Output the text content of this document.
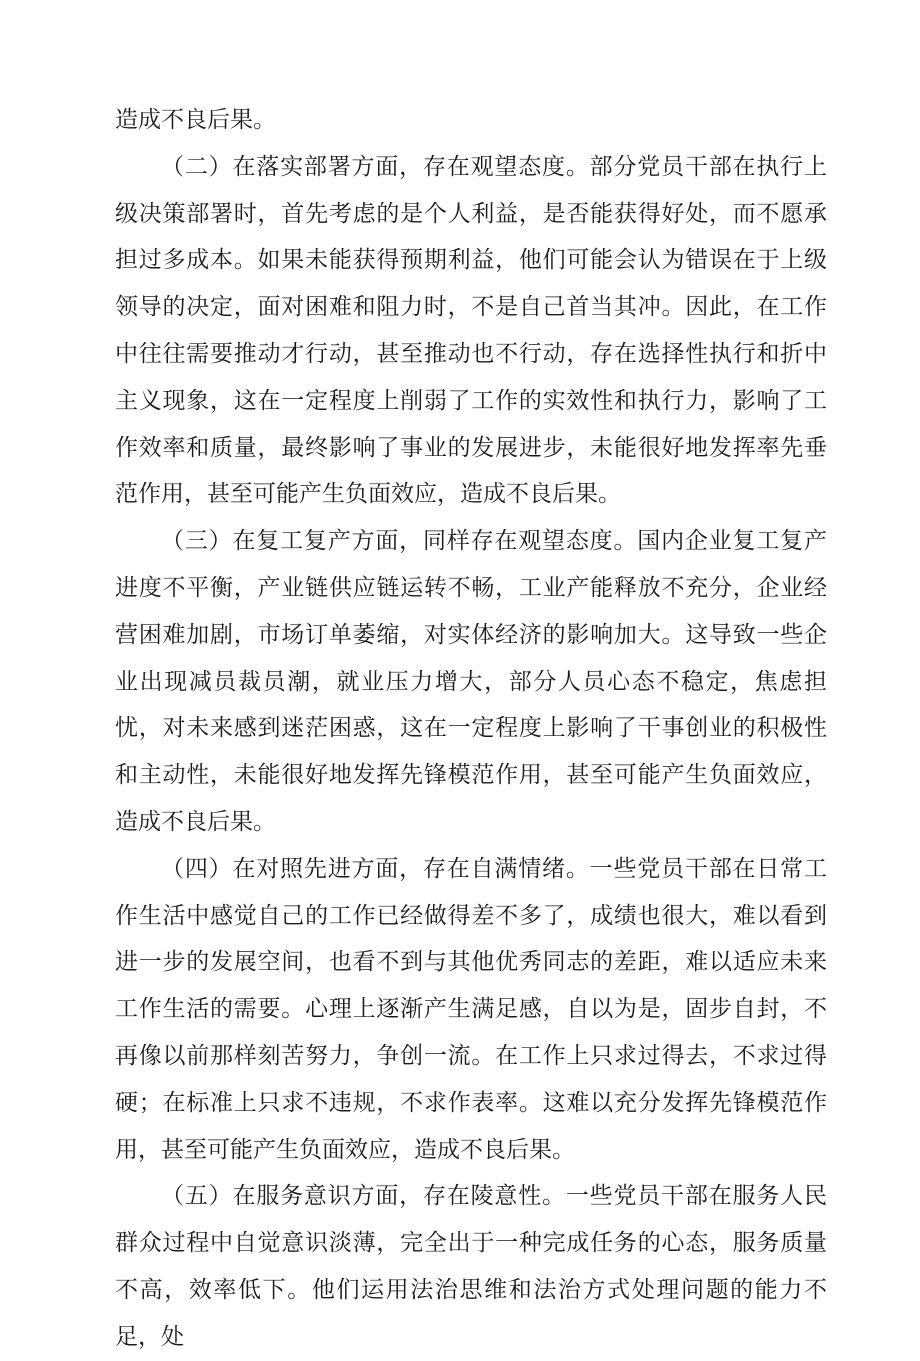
造成不良后果。

（二）在落实部署方面，存在观望态度。部分党员干部在执行上级决策部署时，首先考虑的是个人利益，是否能获得好处，而不愿承担过多成本。如果未能获得预期利益，他们可能会认为错误在于上级领导的决定，面对困难和阻力时，不是自己首当其冲。因此，在工作中往往需要推动才行动，甚至推动也不行动，存在选择性执行和折中主义现象，这在一定程度上削弱了工作的实效性和执行力，影响了工作效率和质量，最终影响了事业的发展进步，未能很好地发挥率先垂范作用，甚至可能产生负面效应，造成不良后果。

（三）在复工复产方面，同样存在观望态度。国内企业复工复产进度不平衡，产业链供应链运转不畅，工业产能释放不充分，企业经营困难加剧，市场订单萎缩，对实体经济的影响加大。这导致一些企业出现减员裁员潮，就业压力增大，部分人员心态不稳定，焦虑担忧，对未来感到迷茫困惑，这在一定程度上影响了干事创业的积极性和主动性，未能很好地发挥先锋模范作用，甚至可能产生负面效应，造成不良后果。

（四）在对照先进方面，存在自满情绪。一些党员干部在日常工作生活中感觉自己的工作已经做得差不多了，成绩也很大，难以看到进一步的发展空间，也看不到与其他优秀同志的差距，难以适应未来工作生活的需要。心理上逐渐产生满足感，自以为是，固步自封，不再像以前那样刻苦努力，争创一流。在工作上只求过得去，不求过得硬；在标准上只求不违规，不求作表率。这难以充分发挥先锋模范作用，甚至可能产生负面效应，造成不良后果。

（五）在服务意识方面，存在陵意性。一些党员干部在服务人民群众过程中自觉意识淡薄，完全出于一种完成任务的心态，服务质量不高，效率低下。他们运用法治思维和法治方式处理问题的能力不足，处
